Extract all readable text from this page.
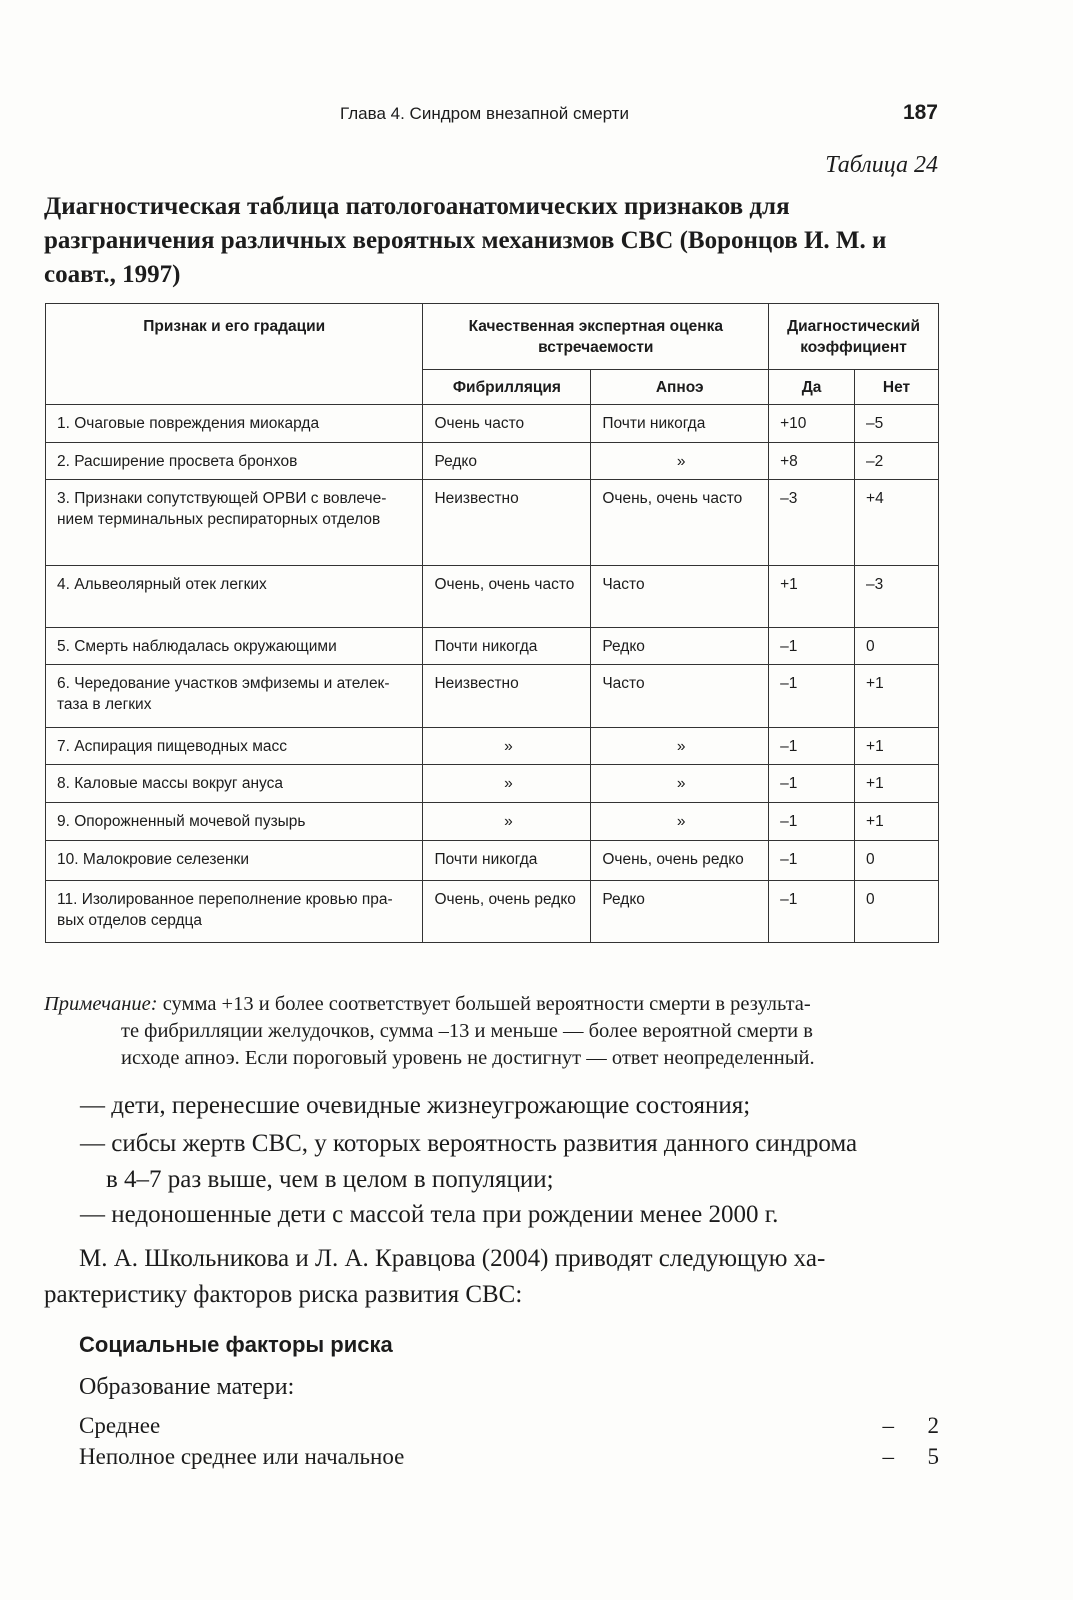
Глава 4. Синдром внезапной смерти	187
Таблица 24
Диагностическая таблица патологоанатомических признаков для разграничения различных вероятных механизмов СВС (Воронцов И. М. и соавт., 1997)
Признак и его градации	Качественная экспертная оценка встречаемости		Диагностический коэффициент	
	Фибрилляция	Апноэ	Да	Нет
1. Очаговые повреждения миокарда	Очень часто	Почти никогда	+10	–5
2. Расширение просвета бронхов	Редко	»	+8	–2
3. Признаки сопутствующей ОРВИ с вовлечением терминальных респираторных отделов	Неизвестно	Очень, очень часто	–3	+4
4. Альвеолярный отек легких	Очень, очень часто	Часто	+1	–3
5. Смерть наблюдалась окружающими	Почти никогда	Редко	–1	0
6. Чередование участков эмфиземы и ателектаза в легких	Неизвестно	Часто	–1	+1
7. Аспирация пищеводных масс	»	»	–1	+1
8. Каловые массы вокруг ануса	»	»	–1	+1
9. Опорожненный мочевой пузырь	»	»	–1	+1
10. Малокровие селезенки	Почти никогда	Очень, очень редко	–1	0
11. Изолированное переполнение кровью правых отделов сердца	Очень, очень редко	Редко	–1	0
Примечание: сумма +13 и более соответствует большей вероятности смерти в результа-
те фибрилляции желудочков, сумма –13 и меньше — более вероятной смерти в
исходе апноэ. Если пороговый уровень не достигнут — ответ неопределенный.
— дети, перенесшие очевидные жизнеугрожающие состояния;
— сибсы жертв СВС, у которых вероятность развития данного синдрома
в 4–7 раз выше, чем в целом в популяции;
— недоношенные дети с массой тела при рождении менее 2000 г.
М. А. Школьникова и Л. А. Кравцова (2004) приводят следующую ха-
рактеристику факторов риска развития СВС:
Социальные факторы риска
Образование матери:
Среднее	– 2
Неполное среднее или начальное	– 5
